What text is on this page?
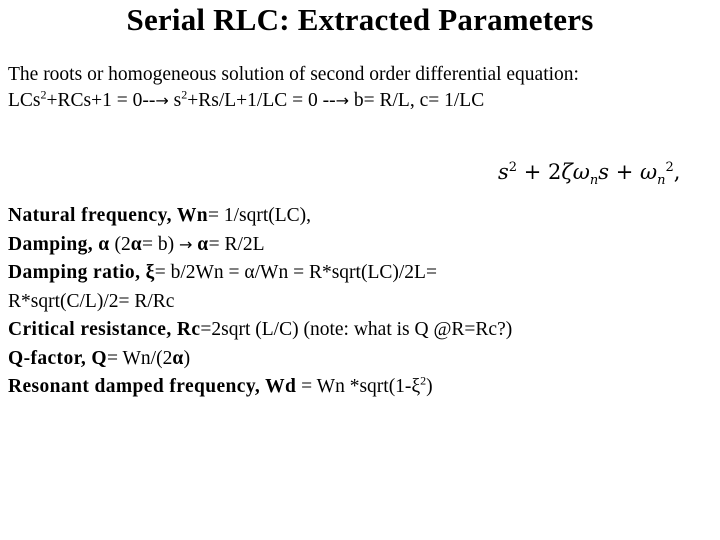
Serial RLC: Extracted Parameters
The roots or homogeneous solution of second order differential equation:
$LCs^2+RCs+1 = 0--\to s^2+Rs/L+1/LC = 0$ --→ b= R/L, c= 1/LC
$s^2 + 2\zeta\omega_ns + \omega_n^2$,
Natural frequency, Wn= 1/sqrt(LC),
Damping, α (2α= b) → α= R/2L
Damping ratio, ξ= b/2Wn = α/Wn = R*sqrt(LC)/2L=
R*sqrt(C/L)/2= R/Rc
Critical resistance, Rc=2sqrt (L/C) (note: what is Q @R=Rc?)
Q-factor, Q= Wn/(2α)
Resonant damped frequency, Wd = Wn $*sqrt(1-\xi^2)$
